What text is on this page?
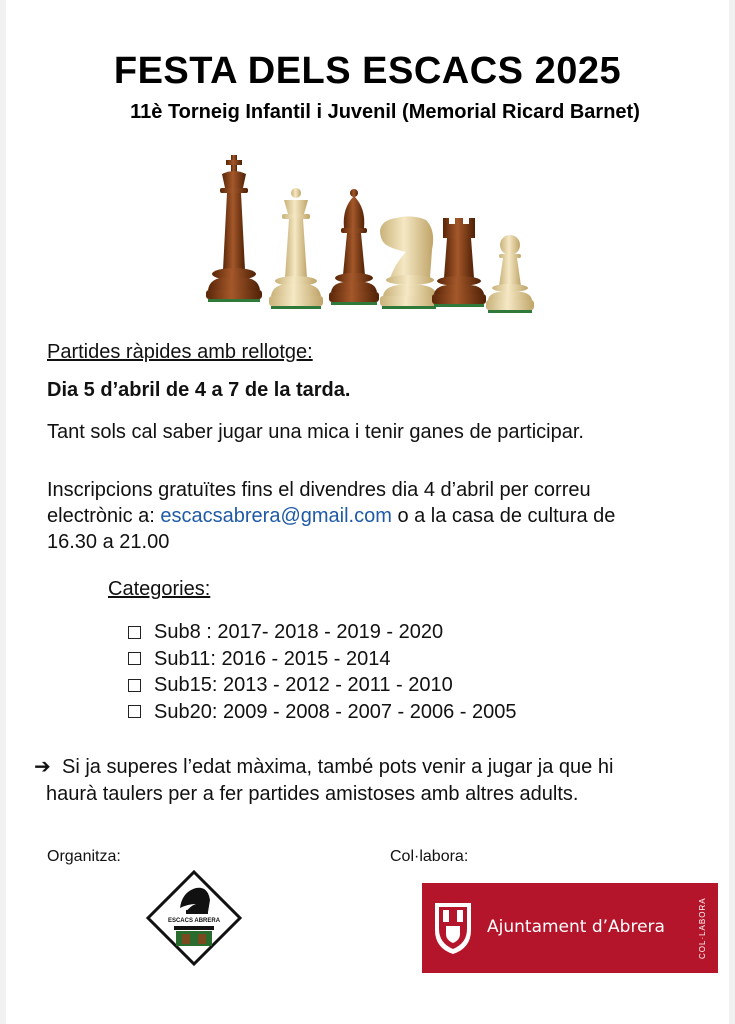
FESTA DELS ESCACS 2025
11è Torneig Infantil i Juvenil (Memorial Ricard Barnet)
Partides ràpides amb rellotge:
Dia 5 d’abril de 4 a 7 de la tarda.
Tant sols cal saber jugar una mica i tenir ganes de participar.
Inscripcions gratuïtes fins el divendres dia 4 d’abril per correu
electrònic a: escacsabrera@gmail.com o a la casa de cultura de
16.30 a 21.00
Categories:
Sub8 : 2017- 2018 - 2019 - 2020
Sub11: 2016 - 2015 - 2014
Sub15: 2013 - 2012 - 2011 - 2010
Sub20: 2009 - 2008 - 2007 - 2006 - 2005
➔ Si ja superes l’edat màxima, també pots venir a jugar ja que hi
haurà taulers per a fer partides amistoses amb altres adults.
Organitza:	Col·labora:
ESCACS ABRERA	Ajuntament d’Abrera	COL·LABORA
